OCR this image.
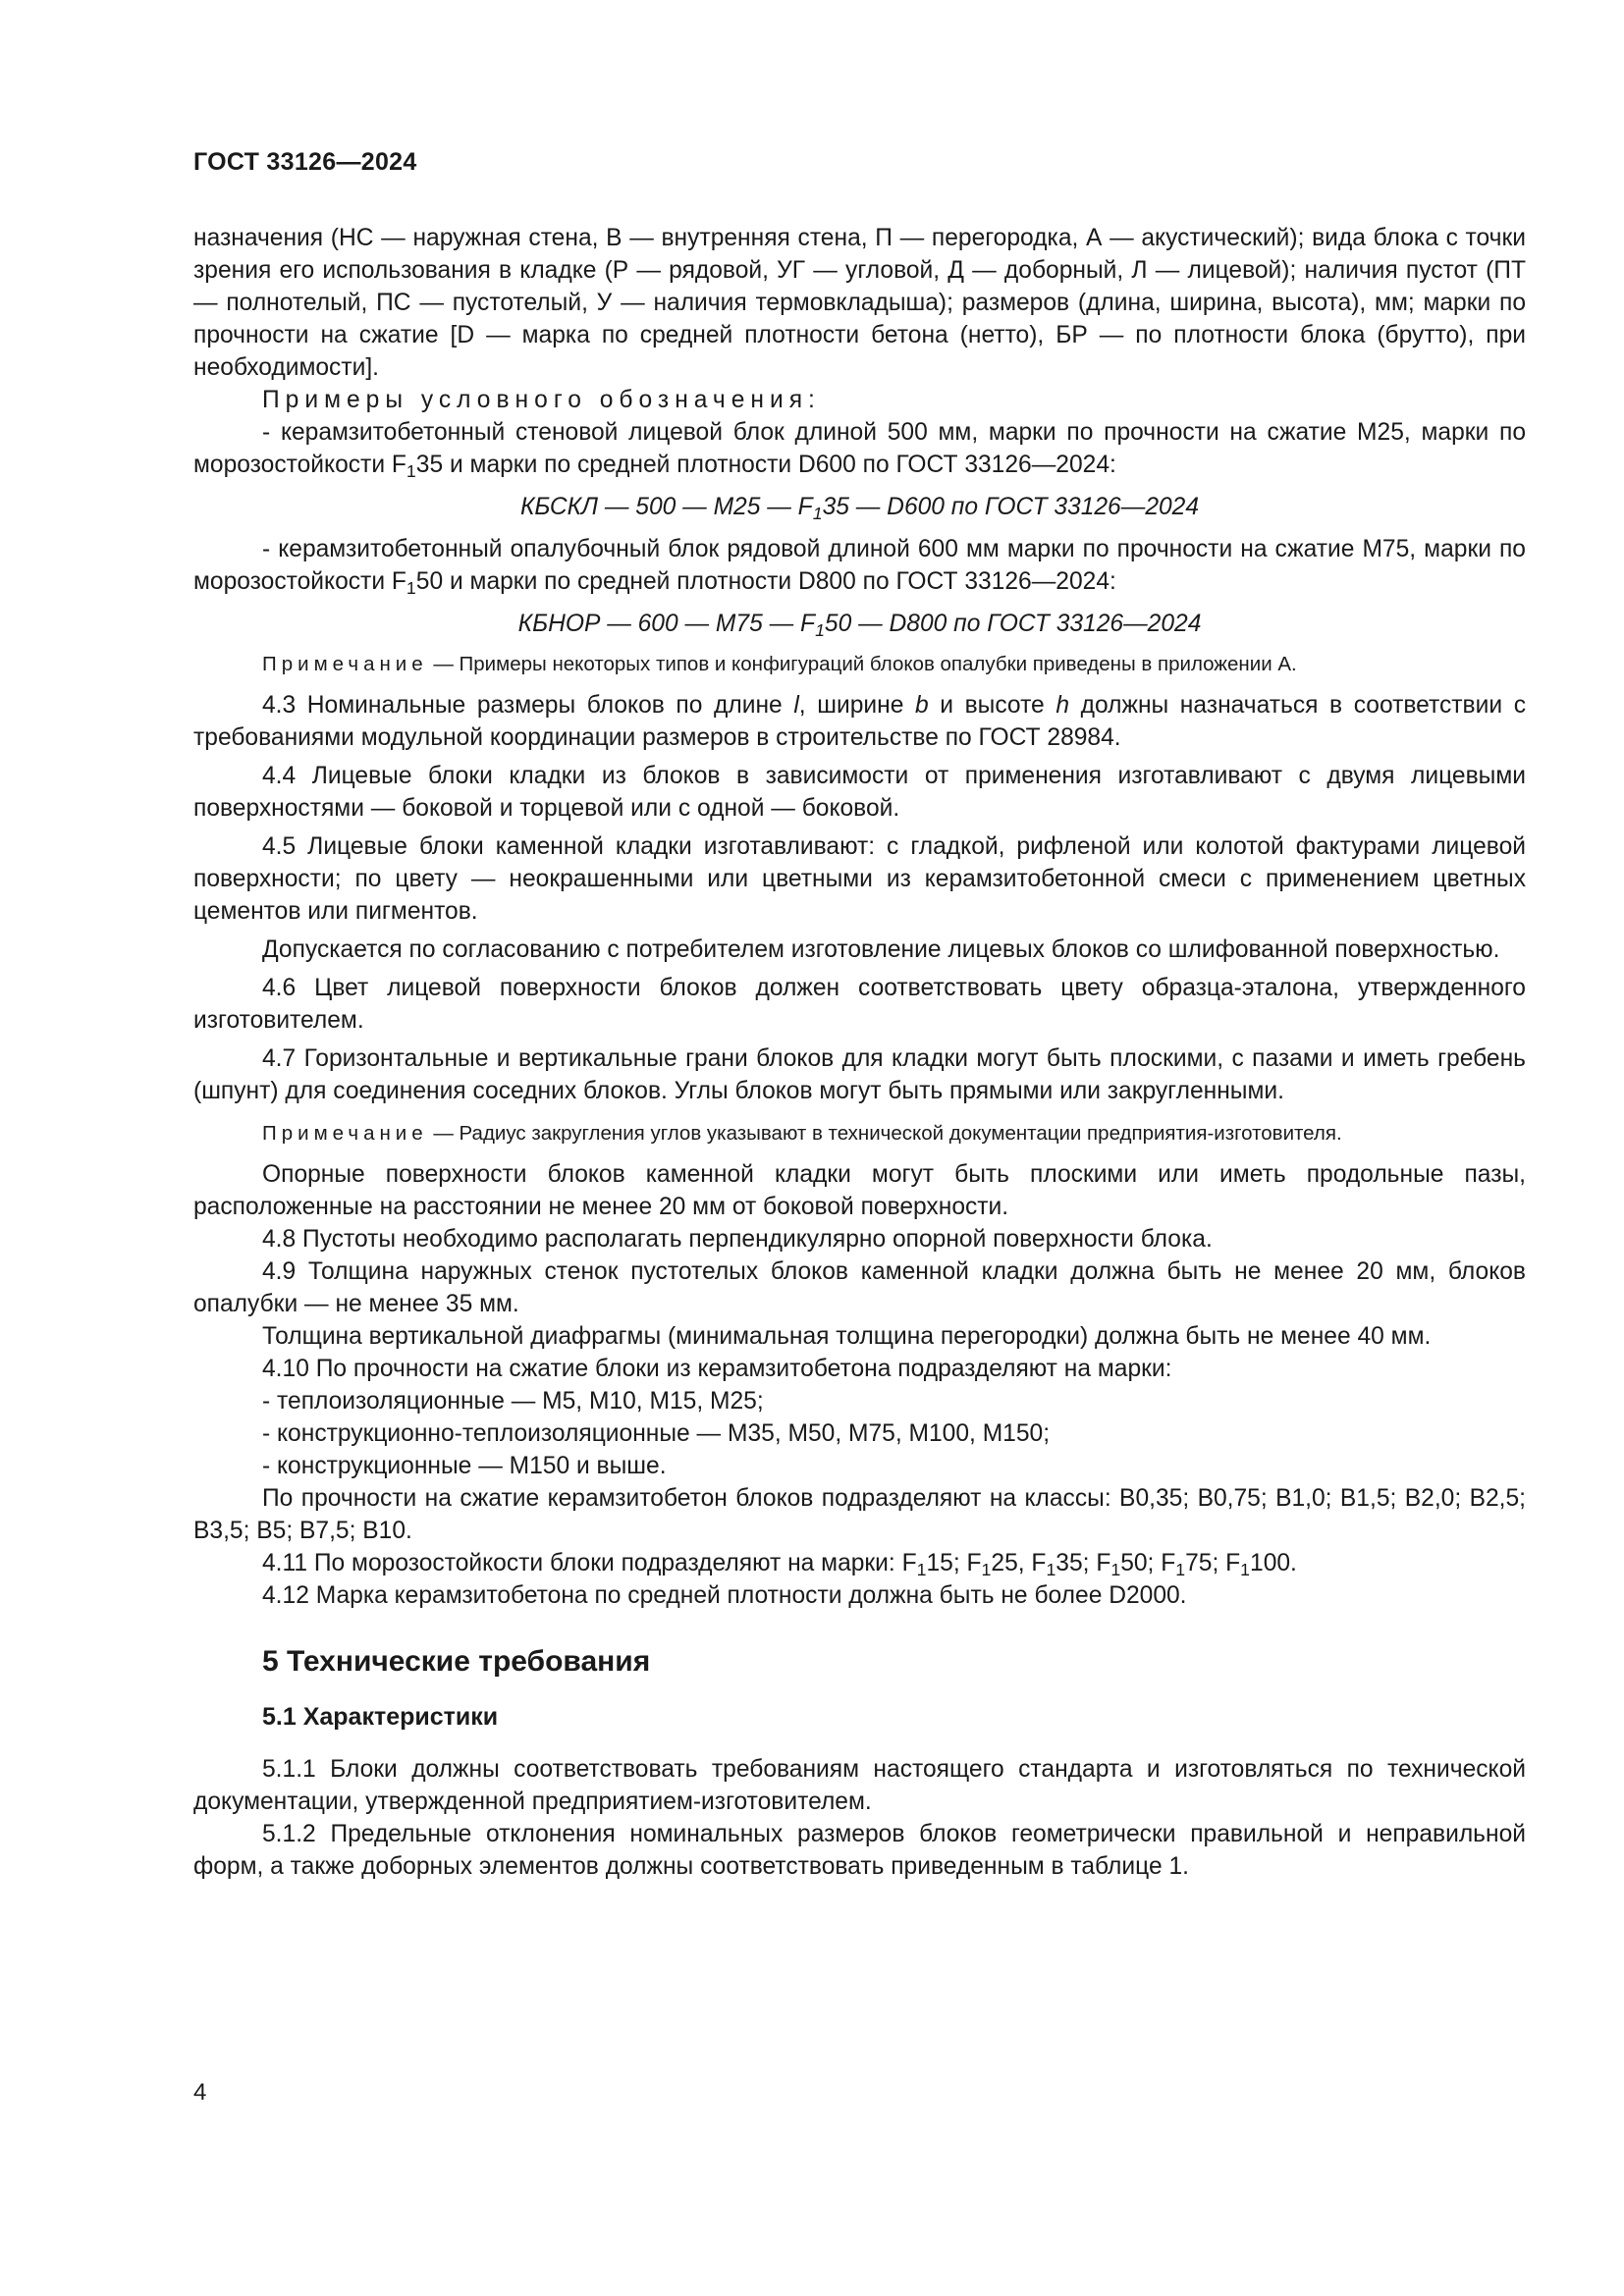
ГОСТ 33126—2024

назначения (НС — наружная стена, В — внутренняя стена, П — перегородка, А — акустический); вида блока с точки зрения его использования в кладке (Р — рядовой, УГ — угловой, Д — доборный, Л — лицевой); наличия пустот (ПТ — полнотелый, ПС — пустотелый, У — наличия термовкладыша); размеров (длина, ширина, высота), мм; марки по прочности на сжатие [D — марка по средней плотности бетона (нетто), БР — по плотности блока (брутто), при необходимости].

Примеры условного обозначения:

- керамзитобетонный стеновой лицевой блок длиной 500 мм, марки по прочности на сжатие М25, марки по морозостойкости $F_135$ и марки по средней плотности D600 по ГОСТ 33126—2024:

КБСКЛ — 500 — М25 — $F_135$ — D600 по ГОСТ 33126—2024

- керамзитобетонный опалубочный блок рядовой длиной 600 мм марки по прочности на сжатие М75, марки по морозостойкости $F_150$ и марки по средней плотности D800 по ГОСТ 33126—2024:

КБНОР — 600 — М75 — $F_150$ — D800 по ГОСТ 33126—2024

Примечание — Примеры некоторых типов и конфигураций блоков опалубки приведены в приложении А.

4.3 Номинальные размеры блоков по длине l, ширине b и высоте h должны назначаться в соответствии с требованиями модульной координации размеров в строительстве по ГОСТ 28984.

4.4 Лицевые блоки кладки из блоков в зависимости от применения изготавливают с двумя лицевыми поверхностями — боковой и торцевой или с одной — боковой.

4.5 Лицевые блоки каменной кладки изготавливают: с гладкой, рифленой или колотой фактурами лицевой поверхности; по цвету — неокрашенными или цветными из керамзитобетонной смеси с применением цветных цементов или пигментов.

Допускается по согласованию с потребителем изготовление лицевых блоков со шлифованной поверхностью.

4.6 Цвет лицевой поверхности блоков должен соответствовать цвету образца-эталона, утвержденного изготовителем.

4.7 Горизонтальные и вертикальные грани блоков для кладки могут быть плоскими, с пазами и иметь гребень (шпунт) для соединения соседних блоков. Углы блоков могут быть прямыми или закругленными.

Примечание — Радиус закругления углов указывают в технической документации предприятия-изготовителя.

Опорные поверхности блоков каменной кладки могут быть плоскими или иметь продольные пазы, расположенные на расстоянии не менее 20 мм от боковой поверхности.

4.8 Пустоты необходимо располагать перпендикулярно опорной поверхности блока.

4.9 Толщина наружных стенок пустотелых блоков каменной кладки должна быть не менее 20 мм, блоков опалубки — не менее 35 мм.

Толщина вертикальной диафрагмы (минимальная толщина перегородки) должна быть не менее 40 мм.

4.10 По прочности на сжатие блоки из керамзитобетона подразделяют на марки:

- теплоизоляционные — М5, М10, М15, М25;

- конструкционно-теплоизоляционные — М35, М50, М75, М100, М150;

- конструкционные — М150 и выше.

По прочности на сжатие керамзитобетон блоков подразделяют на классы: В0,35; В0,75; В1,0; В1,5; В2,0; В2,5; В3,5; В5; В7,5; В10.

4.11 По морозостойкости блоки подразделяют на марки: $F_115$; $F_125$, $F_135$; $F_150$; $F_175$; $F_1100$.

4.12 Марка керамзитобетона по средней плотности должна быть не более D2000.

5 Технические требования
5.1 Характеристики

5.1.1 Блоки должны соответствовать требованиям настоящего стандарта и изготовляться по технической документации, утвержденной предприятием-изготовителем.

5.1.2 Предельные отклонения номинальных размеров блоков геометрически правильной и неправильной форм, а также доборных элементов должны соответствовать приведенным в таблице 1.

4
